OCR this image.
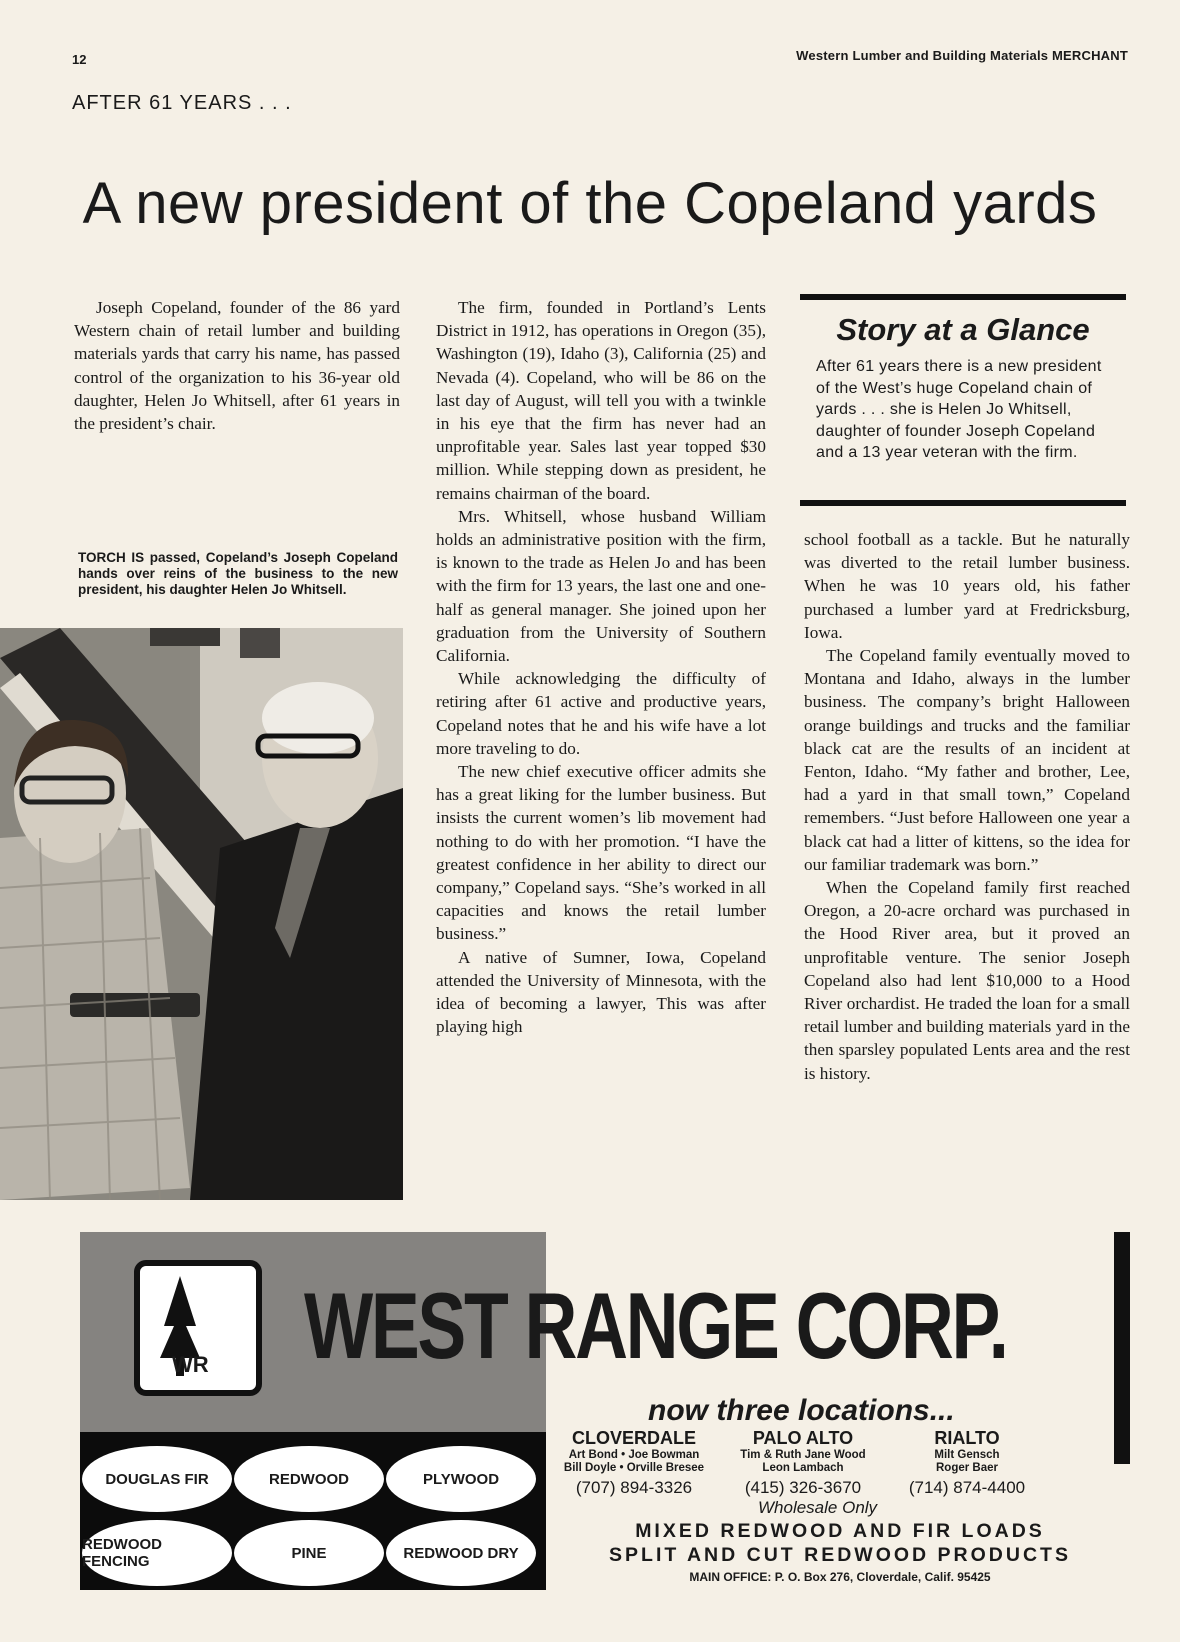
12	Western Lumber and Building Materials MERCHANT
AFTER 61 YEARS . . .
A new president of the Copeland yards

Joseph Copeland, founder of the 86 yard Western chain of retail lumber and building materials yards that carry his name, has passed control of the organization to his 36-year old daughter, Helen Jo Whitsell, after 61 years in the president’s chair.

TORCH IS passed, Copeland’s Joseph Copeland hands over reins of the business to the new president, his daughter Helen Jo Whitsell.

The firm, founded in Portland’s Lents District in 1912, has operations in Oregon (35), Washington (19), Idaho (3), California (25) and Nevada (4). Copeland, who will be 86 on the last day of August, will tell you with a twinkle in his eye that the firm has never had an unprofitable year. Sales last year topped $30 million. While stepping down as president, he remains chairman of the board.

Mrs. Whitsell, whose husband William holds an administrative position with the firm, is known to the trade as Helen Jo and has been with the firm for 13 years, the last one and one-half as general manager. She joined upon her graduation from the University of Southern California.

While acknowledging the difficulty of retiring after 61 active and productive years, Copeland notes that he and his wife have a lot more traveling to do.

The new chief executive officer admits she has a great liking for the lumber business. But insists the current women’s lib movement had nothing to do with her promotion. “I have the greatest confidence in her ability to direct our company,” Copeland says. “She’s worked in all capacities and knows the retail lumber business.”

A native of Sumner, Iowa, Copeland attended the University of Minnesota, with the idea of becoming a lawyer, This was after playing high

Story at a Glance
After 61 years there is a new president of the West’s huge Copeland chain of yards . . . she is Helen Jo Whitsell, daughter of founder Joseph Copeland and a 13 year veteran with the firm.

school football as a tackle. But he naturally was diverted to the retail lumber business. When he was 10 years old, his father purchased a lumber yard at Fredricksburg, Iowa.

The Copeland family eventually moved to Montana and Idaho, always in the lumber business. The company’s bright Halloween orange buildings and trucks and the familiar black cat are the results of an incident at Fenton, Idaho. “My father and brother, Lee, had a yard in that small town,” Copeland remembers. “Just before Halloween one year a black cat had a litter of kittens, so the idea for our familiar trademark was born.”

When the Copeland family first reached Oregon, a 20-acre orchard was purchased in the Hood River area, but it proved an unprofitable venture. The senior Joseph Copeland also had lent $10,000 to a Hood River orchardist. He traded the loan for a small retail lumber and building materials yard in the then sparsley populated Lents area and the rest is history.

WR WEST RANGE CORP.
DOUGLAS FIR	REDWOOD	PLYWOOD
REDWOOD FENCING	PINE	REDWOOD DRY
now three locations...
CLOVERDALE
Art Bond • Joe Bowman
Bill Doyle • Orville Bresee
(707) 894-3326
PALO ALTO
Tim & Ruth Jane Wood
Leon Lambach
(415) 326-3670
RIALTO
Milt Gensch
Roger Baer
(714) 874-4400
Wholesale Only
MIXED REDWOOD AND FIR LOADS
SPLIT AND CUT REDWOOD PRODUCTS
MAIN OFFICE: P. O. Box 276, Cloverdale, Calif. 95425
